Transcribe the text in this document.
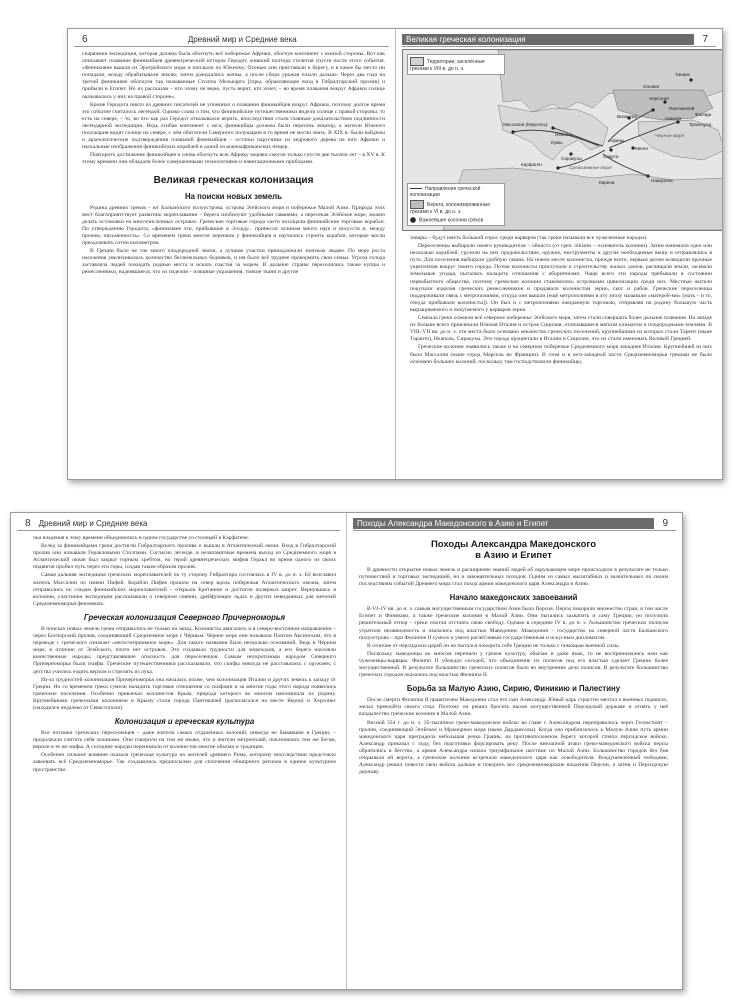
6	Древний мир и Средние века

снаряжена экспедиция, которая должна была обогнуть всё побережье Африки, обогнув континент с южной стороны. Вот как описывает плавание финикийцев древнегреческий историк Геродот, живший полтора столетия спустя после этого события. «Финикияне вышли из Эритрейского моря и поплыли по Южному. Осенью они приставали к берегу, и в какое бы место ни попадали, всюду обрабатывали землю; затем дожидались жатвы, а после сбора урожая плыли дальше. Через два года на третий финикияне обогнули так называемые Столпы Мелькарта [горы, обрамляющие вход в Гибралтарский пролив] и прибыли в Египет. Но их рассказам – кто этому не верю, пусть верит, кто хочет, – во время плавания вокруг Африки солнце оказывалось у них на правой стороне».

Кроме Геродота никто из древних писателей не упоминал о плавании финикийцев вокруг Африки, поэтому долгое время это событие считалось легендой. Однако слова о том, что финикийские путешественники видели солнце с правой стороны, то есть на севере, – то, во что как раз Геродот отказывался верить, впоследствии стали главным доказательством подлинности легендарной экспедиции. Ведь огибая континент с юга, финикийцы должны были пересечь экватор, а жители Южного полушария видят солнце на севере, с чём обитатели Северного полушария в то время не могли знать. В XIX в. были найдены и археологические подтверждения плаваний финикийцев – остатки парусника из кедрового дерева на юге Африки и наскальные изображения финикийских кораблей в одной из южноафриканских пещер.

Повторить достижение финикийцев и снова обогнуть всю Африку моряки смогли только спустя две тысячи лет – в XV в. К этому времени они обладали более совершенными технологиями и навигационными приборами.

Великая греческая колонизация
На поиски новых земель

Родина древних греков – юг Балканского полуострова, острова Эгейского моря и побережье Малой Азии. Природа этих мест благоприятствует развитию мореплавания – берега изобилуют удобными гаванями, а пересекая Эгейское море, можно делать остановки на многочисленных островах. Греческие торговые города часто посещали финикийские торговые корабли. По утверждению Геродота, «финикияне эти, прибывшие в Элладу... принесли эллинам много наук и искусств и, между прочим, письменность». Со временем греки многое переняли у финикийцев и научились строить корабли, которые могли преодолевать сотни километров.

В Греции было не так много плодородной земли, а лучшие участки принадлежали знатным людям. По мере роста населения увеличивалось количество безземельных бедняков, и им было всё труднее прокормить свои семьи. Угроза голода заставляла людей покидать родные места и искать счастья за морем. В дальние страны переселялись также купцы и ремесленники, надеявшиеся, что их изделия – изящные украшения, тонкие ткани и другие

Великая греческая колонизация	7
Территории, заселённые греками к VIII в. до н. э.
Направления греческой колонизации
Берега, колонизированные греками к VI в. до н. э.
Важнейшие колонии греков
Танаис
Херсонес
Ольвия
Пантикапей
Фасида
Синопа
Византий
Трапезунд
Массалия (Марсель)
Неаполь
Кумы
Сиракузы
Карфаген
Кирена	Навкратис
Милет
Афины
Спарта
Чёрное море
Средиземное море

товары – будут иметь большой спрос среди варваров (так греки называли все чужеземные народы).

Переселенцы выбирали своего руководителя – ойкиста (от греч. oikistes – основатель колонии). Затем нанимали одно или несколько кораблей, грузили на них продовольствие, оружие, инструменты и другие необходимые вещи и отправлялись в путь. Для поселения выбирали удобную гавань. На новом месте колонисты, прежде всего, первым делом возводили прочные укрепления вокруг своего города. Потом колонисты приступали к строительству жилых домов, расчищали земли, засевали земельные угодья, пытались наладить отношения с аборигенами. Чаще всего эти народы пребывали в состоянии первобытного общества, поэтому греческие колонии становились островками цивилизации среди них. Местные жители покупали изделия греческих ремесленников и продавали колонистам зерно, скот и рабов. Греческие переселенцы поддерживали связь с метрополиями, откуда они вышли (ещё метрополиями в эту эпоху называли «матерей-ми» [мать – и то, откуда прибывали колонисты]). Он был и с метрополиями ожидаемую торговлю, отправляя на родину большую часть выращиваемого и покупаемого у варваров зерна.

Сначала греки освоили всё северное побережье Эгейского моря, затем стали совершать более дальние плавания. На западе их больше всего привлекали Южная Италия и остров Сицилия, отличавшиеся мягким климатом и плодородными землями. В VIII–VII вв. до н. э. эти места было основано множество греческих поселений, крупнейшими из которых стали Тарент (ныне Таранто), Неаполь, Сиракузы. Эти города процветали в Италии и Сицилии, что их стали именовать Великой Грецией.

Греческие колонии появились также и на северном побережье Средиземного моря западнее Италии. Крупнейшей из них была Массалия (ныне город Марсель во Франции). В этом и в юго-западной части Средиземноморья греками не было основано больших колоний, поскольку там господствовали финикийцы,

8 Древний мир и Средние века

чьи владения к тому времени объединились в одном государстве со столицей в Карфагене.

Вслед за финикийцами греки достигли Гибралтарского пролива и вышли в Атлантический океан. Вход в Гибралтарский пролив они называли Геракловыми Столпами. Согласно легенде, в незапамятные времена выход из Средиземного моря в Атлантический океан был закрыт горным хребтом, но герой древнегреческих мифов Геракл во время одного из своих подвигов пробил путь через эти горы, создав таким образом пролив.

Самая дальняя экспедиция греческих мореплавателей по ту сторону Гибралтара состоялась в IV в. до н. э. Её возглавил житель Массалии по имени Пифей. Корабли Пифея прошли на север вдоль побережья Атлантического океана, затем отправились по следам финикийских мореплавателей – открыли Британию и достигли полярных широт. Вернувшись в колонию, участники экспедиции рассказывали о северном сиянии, дрейфующих льдах и других невиданных для жителей Средиземноморья феноменах.

Греческая колонизация Северного Причерноморья

В поисках новых земель греки отправились не только на запад. Колонисты двигались и в северо-восточном направлении – через Боспорский пролив, соединяющий Средиземное море с Чёрным. Чёрное море они называли Понтом Аксинским, что в переводе с греческого означает «негостеприимное море». Для такого названия было несколько оснований. Ведь в Чёрном море, в отличие от Эгейского, почти нет островов. Это создавало трудности для мореходов, а его берега населяли воинственные народы, представлявшие опасность для переселенцев. Самым неукротимым народом Северного Причерноморья были скифы. Греческие путешественники рассказывали, что скифы никогда не расставались с оружием, с детства учились ездить верхом и стрелять из лука.

Из-за трудностей колонизация Причерноморья она началась позже, чем колонизация Италии и других земель к западу от Греции. Но со временем греки сумели наладить торговые отношения со скифами и за многие годы этого народа появились греческие поселения. Особенно привлекал колонистов Крым, природа которого во многом напоминала их родину. Крупнейшими греческими колониями в Крыму стали города Пантикапей (располагался на месте Керчи) и Херсонес (находился недалеко от Севастополя).

Колонизация и греческая культура

Все потомки греческих переселенцев – даже жители самых отдалённых колоний, никогда не бывавшие в Греции, – продолжали считать себя эллинами. Они говорили на том же языке, что и жители метрополий, поклонялись тем же богам, верили в те же мифы. А соседние народы перенимали от колонистов многие обычаи и традиции.

Особенно сильное влияние оказала греческая культура на жителей древнего Рима, которому впоследствии предстояло завоевать всё Средиземноморье. Так создавались предпосылки для сплочения обширного региона в единое культурное пространство.

Походы Александра Македонского в Азию и Египет	9
Походы Александра Македонского
в Азию и Египет

В древности открытие новых земель и расширение знаний людей об окружающем мире происходили в результате не только путешествий и торговых экспедиций, но и завоевательных походов. Одним из самых масштабных и значительных по своим последствиям событий Древнего мира стал поход армии македонского царя Александра в Азию.

Начало македонских завоеваний

В VI–IV вв. до н. э. самым могущественным государством Азии была Персия. Персы покорили множество стран, в том числе Египет и Финикию, а также греческие колонии в Малой Азии. Они пытались захватить и саму Грецию, но получили решительный отпор – греки смогли отстоять свою свободу. Однако в середине IV в. до н. э. большинство греческих полисов утратили независимость и оказались под властью Македонии. Македония – государство на северной части Балканского полуострова – при Филиппе II сумело к умело расчётливым государственным и искусным дипломатом.

В отличие от персидских царей он не пытался покорить себе Грецию не только с помощью военной силы.

Поскольку македонцы во многом переняли у греков культуру, обычаи и даже язык, то не воспринимались ими как чужеземцы-варвары. Филипп II убеждал соседей, что объединение их полисов под его властью сделает Грецию более могущественной. В результате большинство греческих полисов было во внутренние дела полисов. В результате большинство греческих городов оказались под властью Филиппа II.

Борьба за Малую Азию, Сирию, Финикию и Палестину

После смерти Филиппа II правителем Македонии стал его сын Александр. Юный царь страстно мечтал о военных подвигах, желал превзойти своего отца. Поэтому он решил бросить вызов могущественной Персидской державе и отнять у неё владычество греческие колонии в Малой Азии.

Весной 334 г. до н. э. 35-тысячное греко-македонское войско во главе с Александром переправилось через Геллеспонт – пролив, соединяющий Эгейское и Мраморное моря (ныне Дарданеллы). Когда оно приблизилось к Малую Азию путь армии македонского царя преградила небольшая речка Граник, на противоположном берегу которой стояло персидское войско. Александр приказал с ходу, без подготовки форсировать реку. После внезапной атаки греко-македонского войска персы обратились в бегство, а армия Александра начала триумфальное шествие по Малой Азии. Большинство городов без боя открывали ей ворота, а греческие колонии встречали македонского царя как освободителя. Воодушевлённый победами, Александр решил повести свои войска дальше и покорить все средиземноморские владения Персии, а затем и Персидскую державу.
